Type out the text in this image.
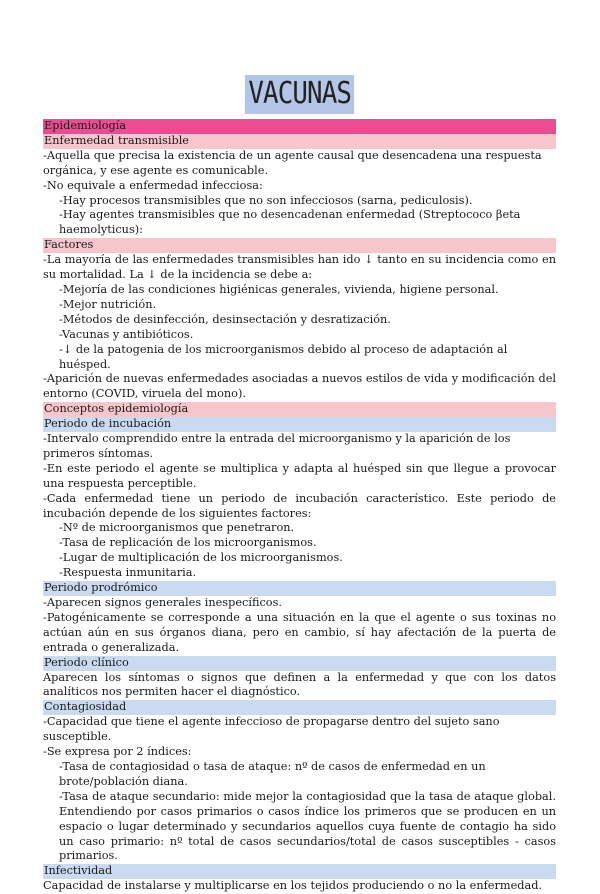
VACUNAS
Epidemiología
Enfermedad transmisible

-Aquella que precisa la existencia de un agente causal que desencadena una respuesta orgánica, y ese agente es comunicable.

-No equivale a enfermedad infecciosa:

-Hay procesos transmisibles que no son infecciosos (sarna, pediculosis).

-Hay agentes transmisibles que no desencadenan enfermedad (Streptococo βeta haemolyticus):

Factores

-La mayoría de las enfermedades transmisibles han ido ↓ tanto en su incidencia como en su mortalidad. La ↓ de la incidencia se debe a:

-Mejoría de las condiciones higiénicas generales, vivienda, higiene personal.

-Mejor nutrición.

-Métodos de desinfección, desinsectación y desratización.

-Vacunas y antibióticos.

-↓ de la patogenia de los microorganismos debido al proceso de adaptación al huésped.

-Aparición de nuevas enfermedades asociadas a nuevos estilos de vida y modificación del entorno (COVID, viruela del mono).

Conceptos epidemiología
Periodo de incubación

-Intervalo comprendido entre la entrada del microorganismo y la aparición de los primeros síntomas.

-En este periodo el agente se multiplica y adapta al huésped sin que llegue a provocar una respuesta perceptible.

-Cada enfermedad tiene un periodo de incubación característico. Este periodo de incubación depende de los siguientes factores:

-Nº de microorganismos que penetraron.

-Tasa de replicación de los microorganismos.

-Lugar de multiplicación de los microorganismos.

-Respuesta inmunitaria.

Periodo prodrómico

-Aparecen signos generales inespecíficos.

-Patogénicamente se corresponde a una situación en la que el agente o sus toxinas no actúan aún en sus órganos diana, pero en cambio, sí hay afectación de la puerta de entrada o generalizada.

Periodo clínico

Aparecen los síntomas o signos que definen a la enfermedad y que con los datos analíticos nos permiten hacer el diagnóstico.

Contagiosidad

-Capacidad que tiene el agente infeccioso de propagarse dentro del sujeto sano susceptible.

-Se expresa por 2 índices:

-Tasa de contagiosidad o tasa de ataque: nº de casos de enfermedad en un brote/población diana.

-Tasa de ataque secundario: mide mejor la contagiosidad que la tasa de ataque global. Entendiendo por casos primarios o casos índice los primeros que se producen en un espacio o lugar determinado y secundarios aquellos cuya fuente de contagio ha sido un caso primario: nº total de casos secundarios/total de casos susceptibles - casos primarios.

Infectividad

Capacidad de instalarse y multiplicarse en los tejidos produciendo o no la enfermedad.
